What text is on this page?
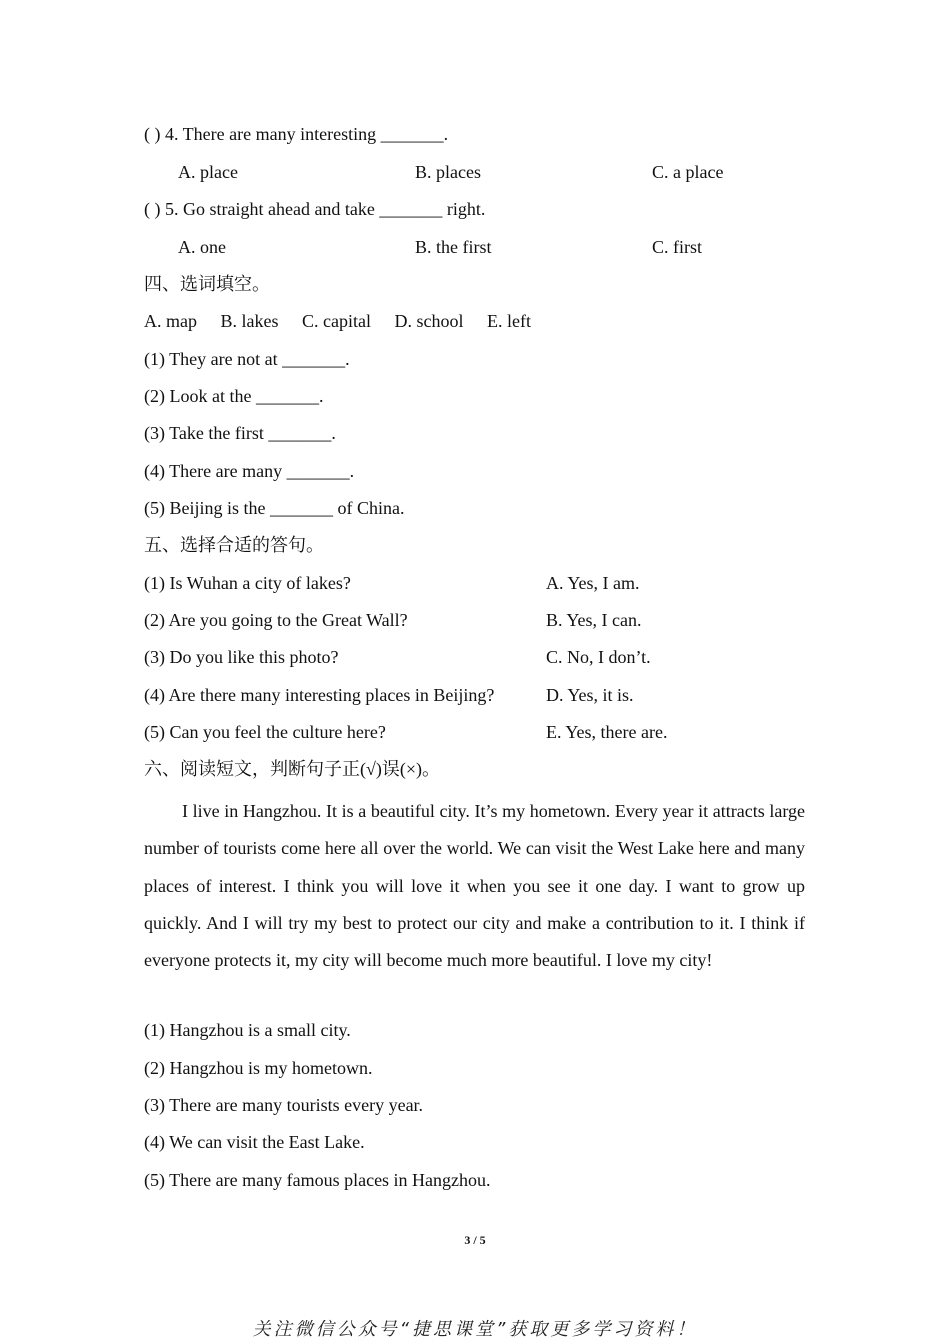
( ) 4. There are many interesting _______.
A. place	B. places	C. a place
( ) 5. Go straight ahead and take _______ right.
A. one	B. the first	C. first
四、选词填空。
A. map B. lakes C. capital D. school E. left
(1) They are not at _______.
(2) Look at the _______.
(3) Take the first _______.
(4) There are many _______.
(5) Beijing is the _______ of China.
五、选择合适的答句。
(1) Is Wuhan a city of lakes?	A. Yes, I am.
(2) Are you going to the Great Wall?	B. Yes, I can.
(3) Do you like this photo?	C. No, I don’t.
(4) Are there many interesting places in Beijing?	D. Yes, it is.
(5) Can you feel the culture here?	E. Yes, there are.
六、阅读短文，判断句子正(√)误(×)。

I live in Hangzhou. It is a beautiful city. It’s my hometown. Every year it attracts large number of tourists come here all over the world. We can visit the West Lake here and many places of interest. I think you will love it when you see it one day. I want to grow up quickly. And I will try my best to protect our city and make a contribution to it. I think if everyone protects it, my city will become much more beautiful. I love my city!

(1) Hangzhou is a small city.
(2) Hangzhou is my hometown.
(3) There are many tourists every year.
(4) We can visit the East Lake.
(5) There are many famous places in Hangzhou.
3 / 5
关注微信公众号“捷思课堂”获取更多学习资料！
